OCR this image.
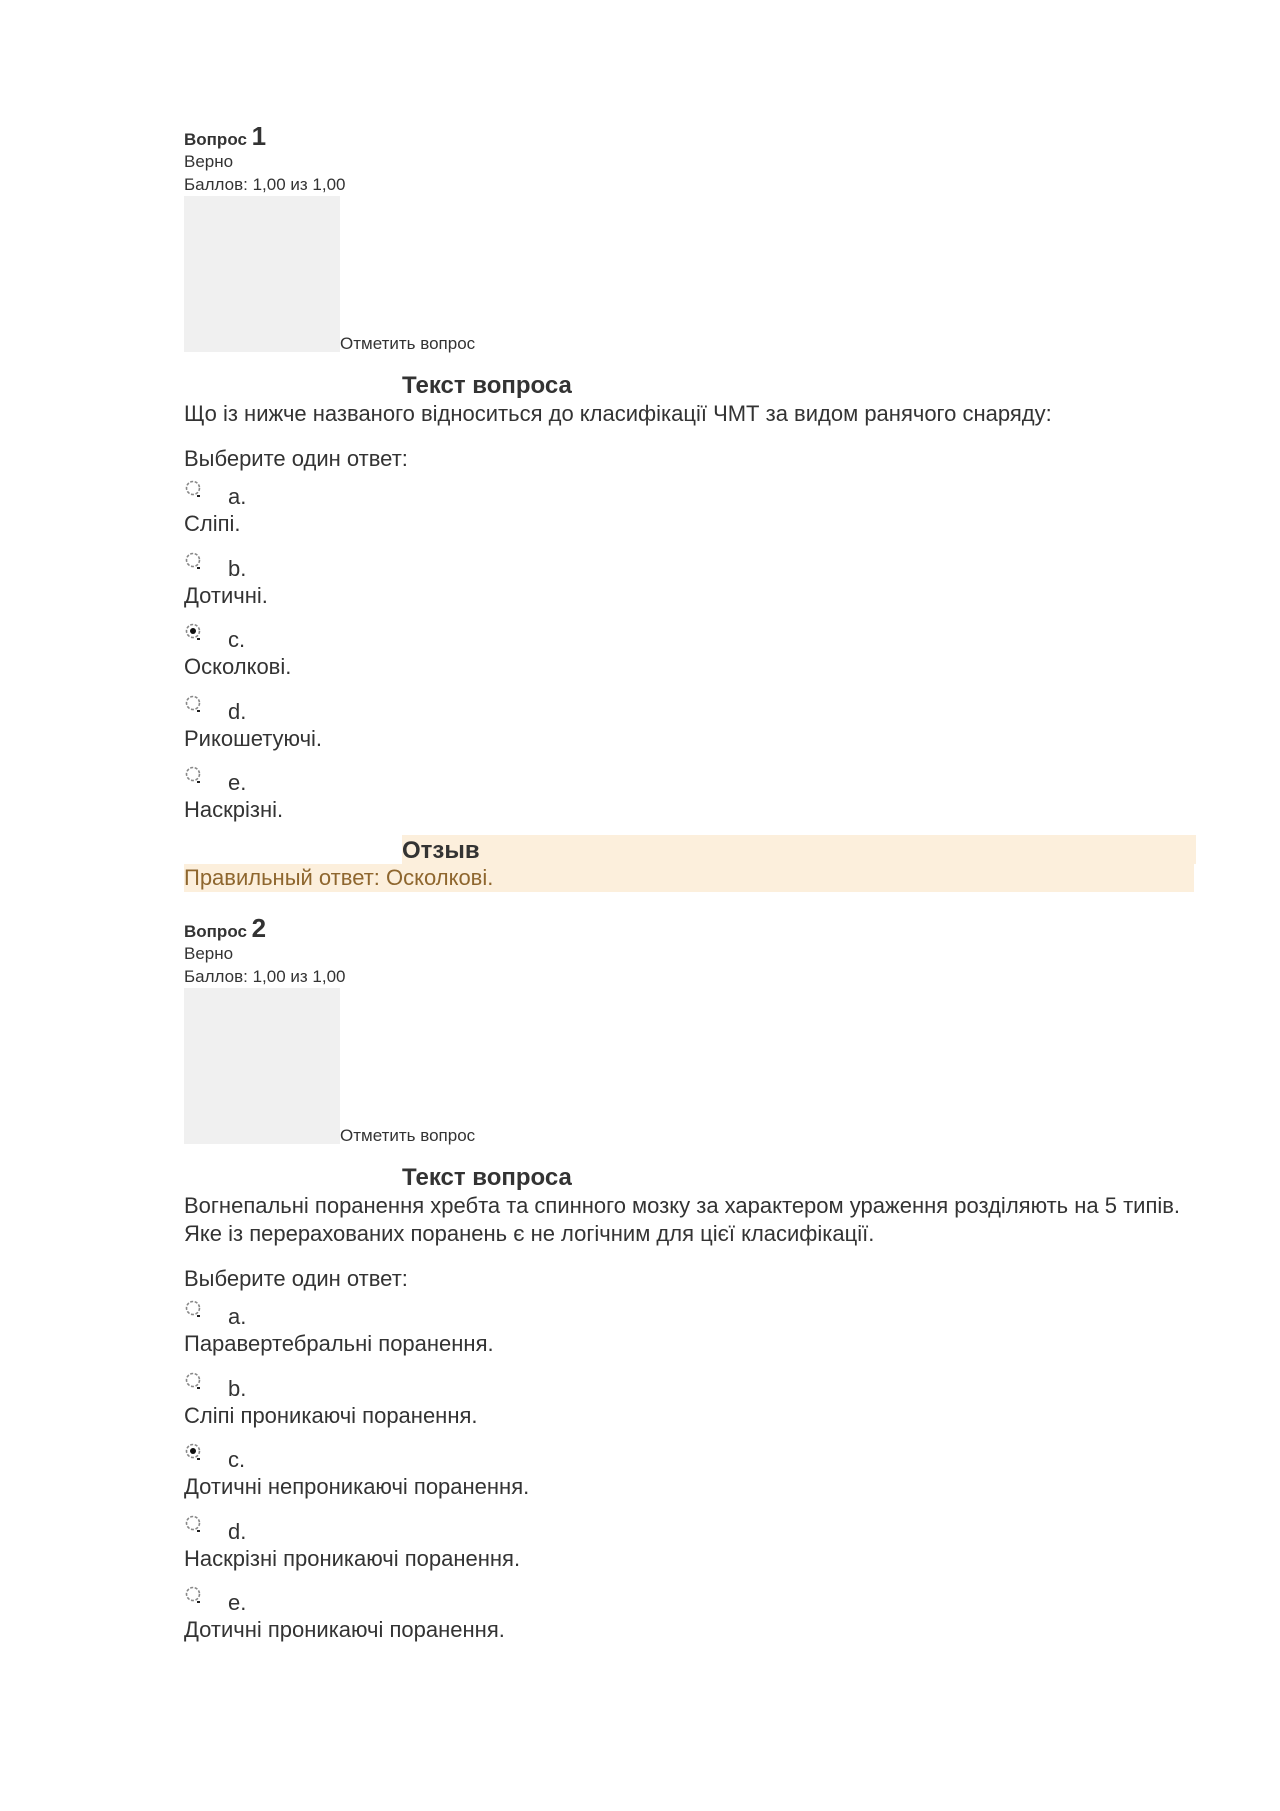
Вопрос 1
Верно
Баллов: 1,00 из 1,00
Отметить вопрос
Текст вопроса
Що із нижче названого відноситься до класифікації ЧМТ за видом ранячого снаряду:
Выберите один ответ:
a.
Сліпі.
b.
Дотичні.
c.
Осколкові.
d.
Рикошетуючі.
e.
Наскрізні.
Отзыв
Правильный ответ: Осколкові.
Вопрос 2
Верно
Баллов: 1,00 из 1,00
Отметить вопрос
Текст вопроса
Вогнепальні поранення хребта та спинного мозку за характером ураження розділяють на 5 типів. Яке із перерахованих поранень є не логічним для цієї класифікації.
Выберите один ответ:
a.
Паравертебральні поранення.
b.
Сліпі проникаючі поранення.
c.
Дотичні непроникаючі поранення.
d.
Наскрізні проникаючі поранення.
e.
Дотичні проникаючі поранення.
